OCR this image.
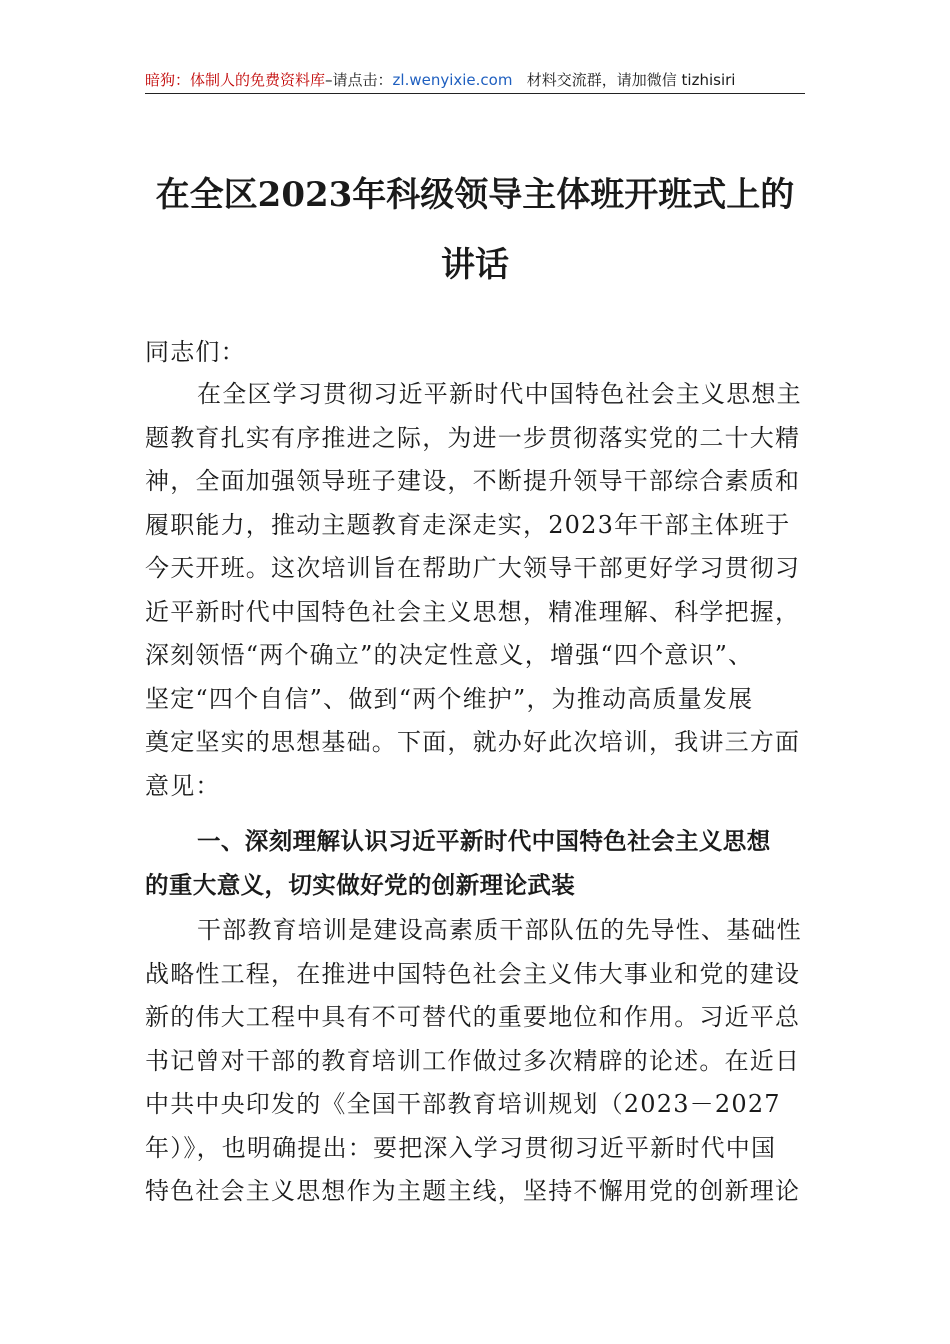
暗狗：体制人的免费资料库–请点击：zl.wenyixie.com 材料交流群，请加微信 tizhisiri
在全区2023年科级领导主体班开班式上的
讲话
同志们：
在全区学习贯彻习近平新时代中国特色社会主义思想主
题教育扎实有序推进之际，为进一步贯彻落实党的二十大精
神，全面加强领导班子建设，不断提升领导干部综合素质和
履职能力，推动主题教育走深走实，2023年干部主体班于
今天开班。这次培训旨在帮助广大领导干部更好学习贯彻习
近平新时代中国特色社会主义思想，精准理解、科学把握，
深刻领悟“两个确立”的决定性意义，增强“四个意识”、
坚定“四个自信”、做到“两个维护”，为推动高质量发展
奠定坚实的思想基础。下面，就办好此次培训，我讲三方面
意见：
一、深刻理解认识习近平新时代中国特色社会主义思想
的重大意义，切实做好党的创新理论武装
干部教育培训是建设高素质干部队伍的先导性、基础性
战略性工程，在推进中国特色社会主义伟大事业和党的建设
新的伟大工程中具有不可替代的重要地位和作用。习近平总
书记曾对干部的教育培训工作做过多次精辟的论述。在近日
中共中央印发的《全国干部教育培训规划（2023－2027
年）》，也明确提出：要把深入学习贯彻习近平新时代中国
特色社会主义思想作为主题主线，坚持不懈用党的创新理论
